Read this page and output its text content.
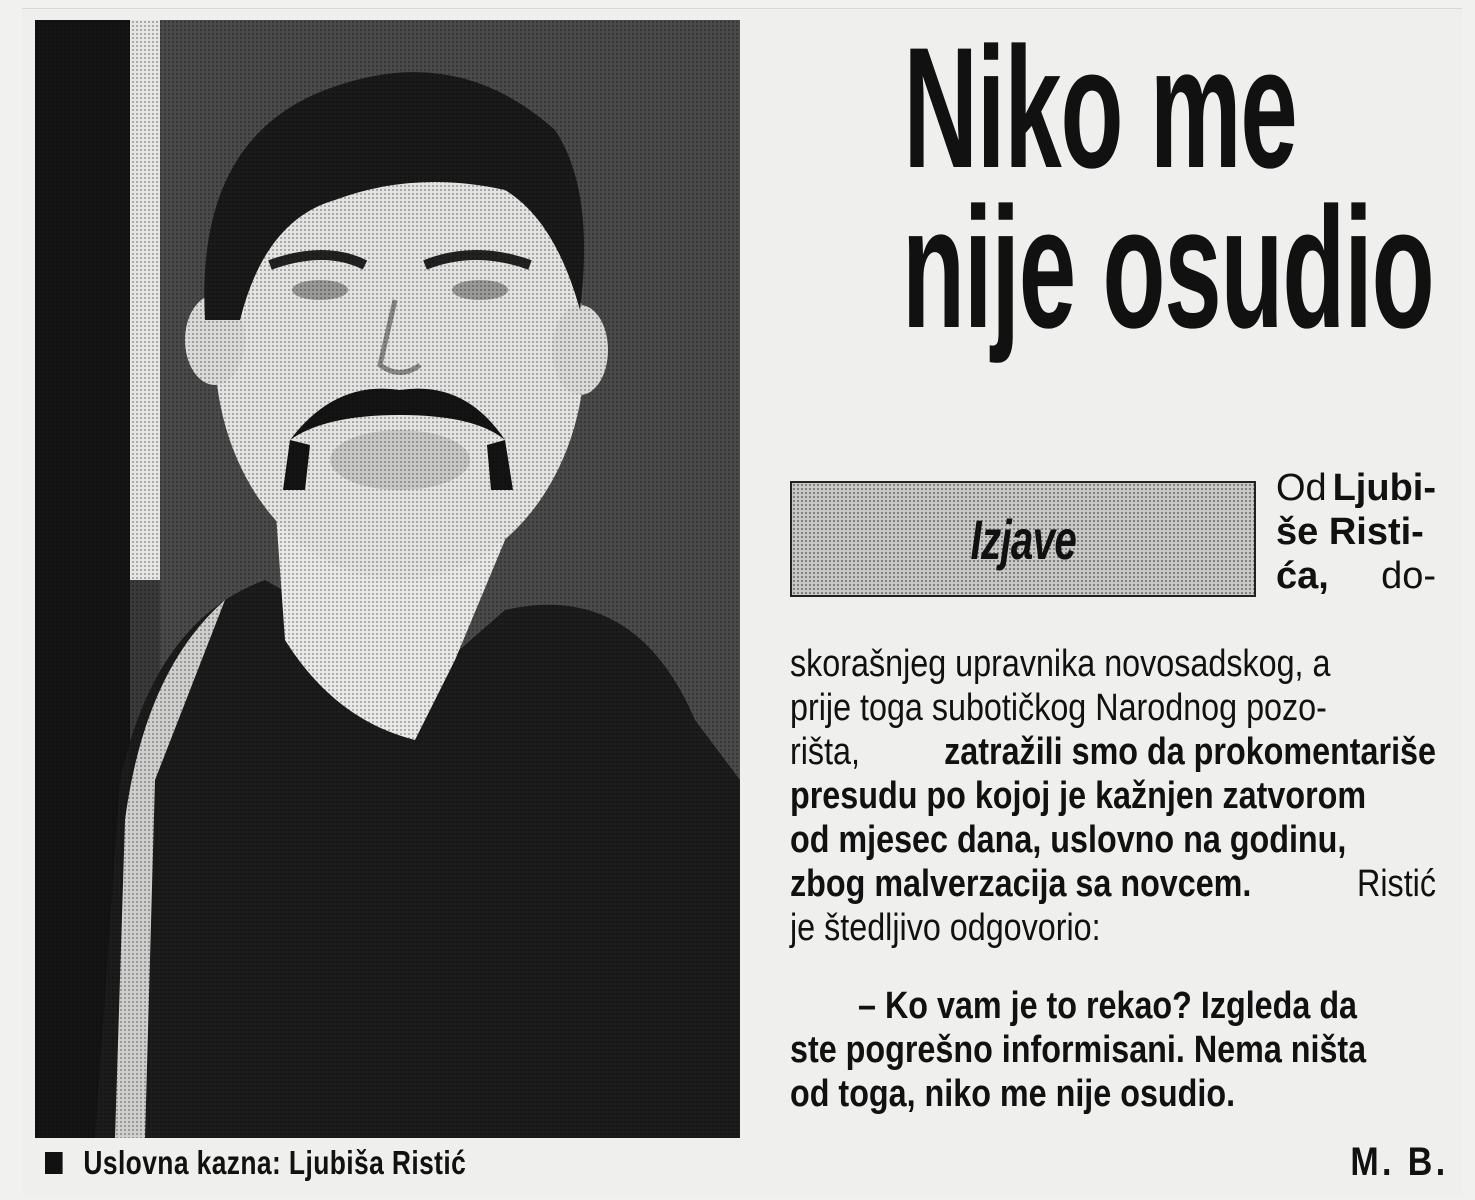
Uslovna kazna: Ljubiša Ristić
Niko me
nije osudio
Izjave
Od Ljubi-
še Risti-
ća, do-
skorašnjeg upravnika novosadskog, a
prije toga subotičkog Narodnog pozo-
rišta, zatražili smo da prokomentariše
presudu po kojoj je kažnjen zatvorom
od mjesec dana, uslovno na godinu,
zbog malverzacija sa novcem.	Ristić
je štedljivo odgovorio:
– Ko vam je to rekao? Izgleda da
ste pogrešno informisani. Nema ništa
od toga, niko me nije osudio.
M. B.
